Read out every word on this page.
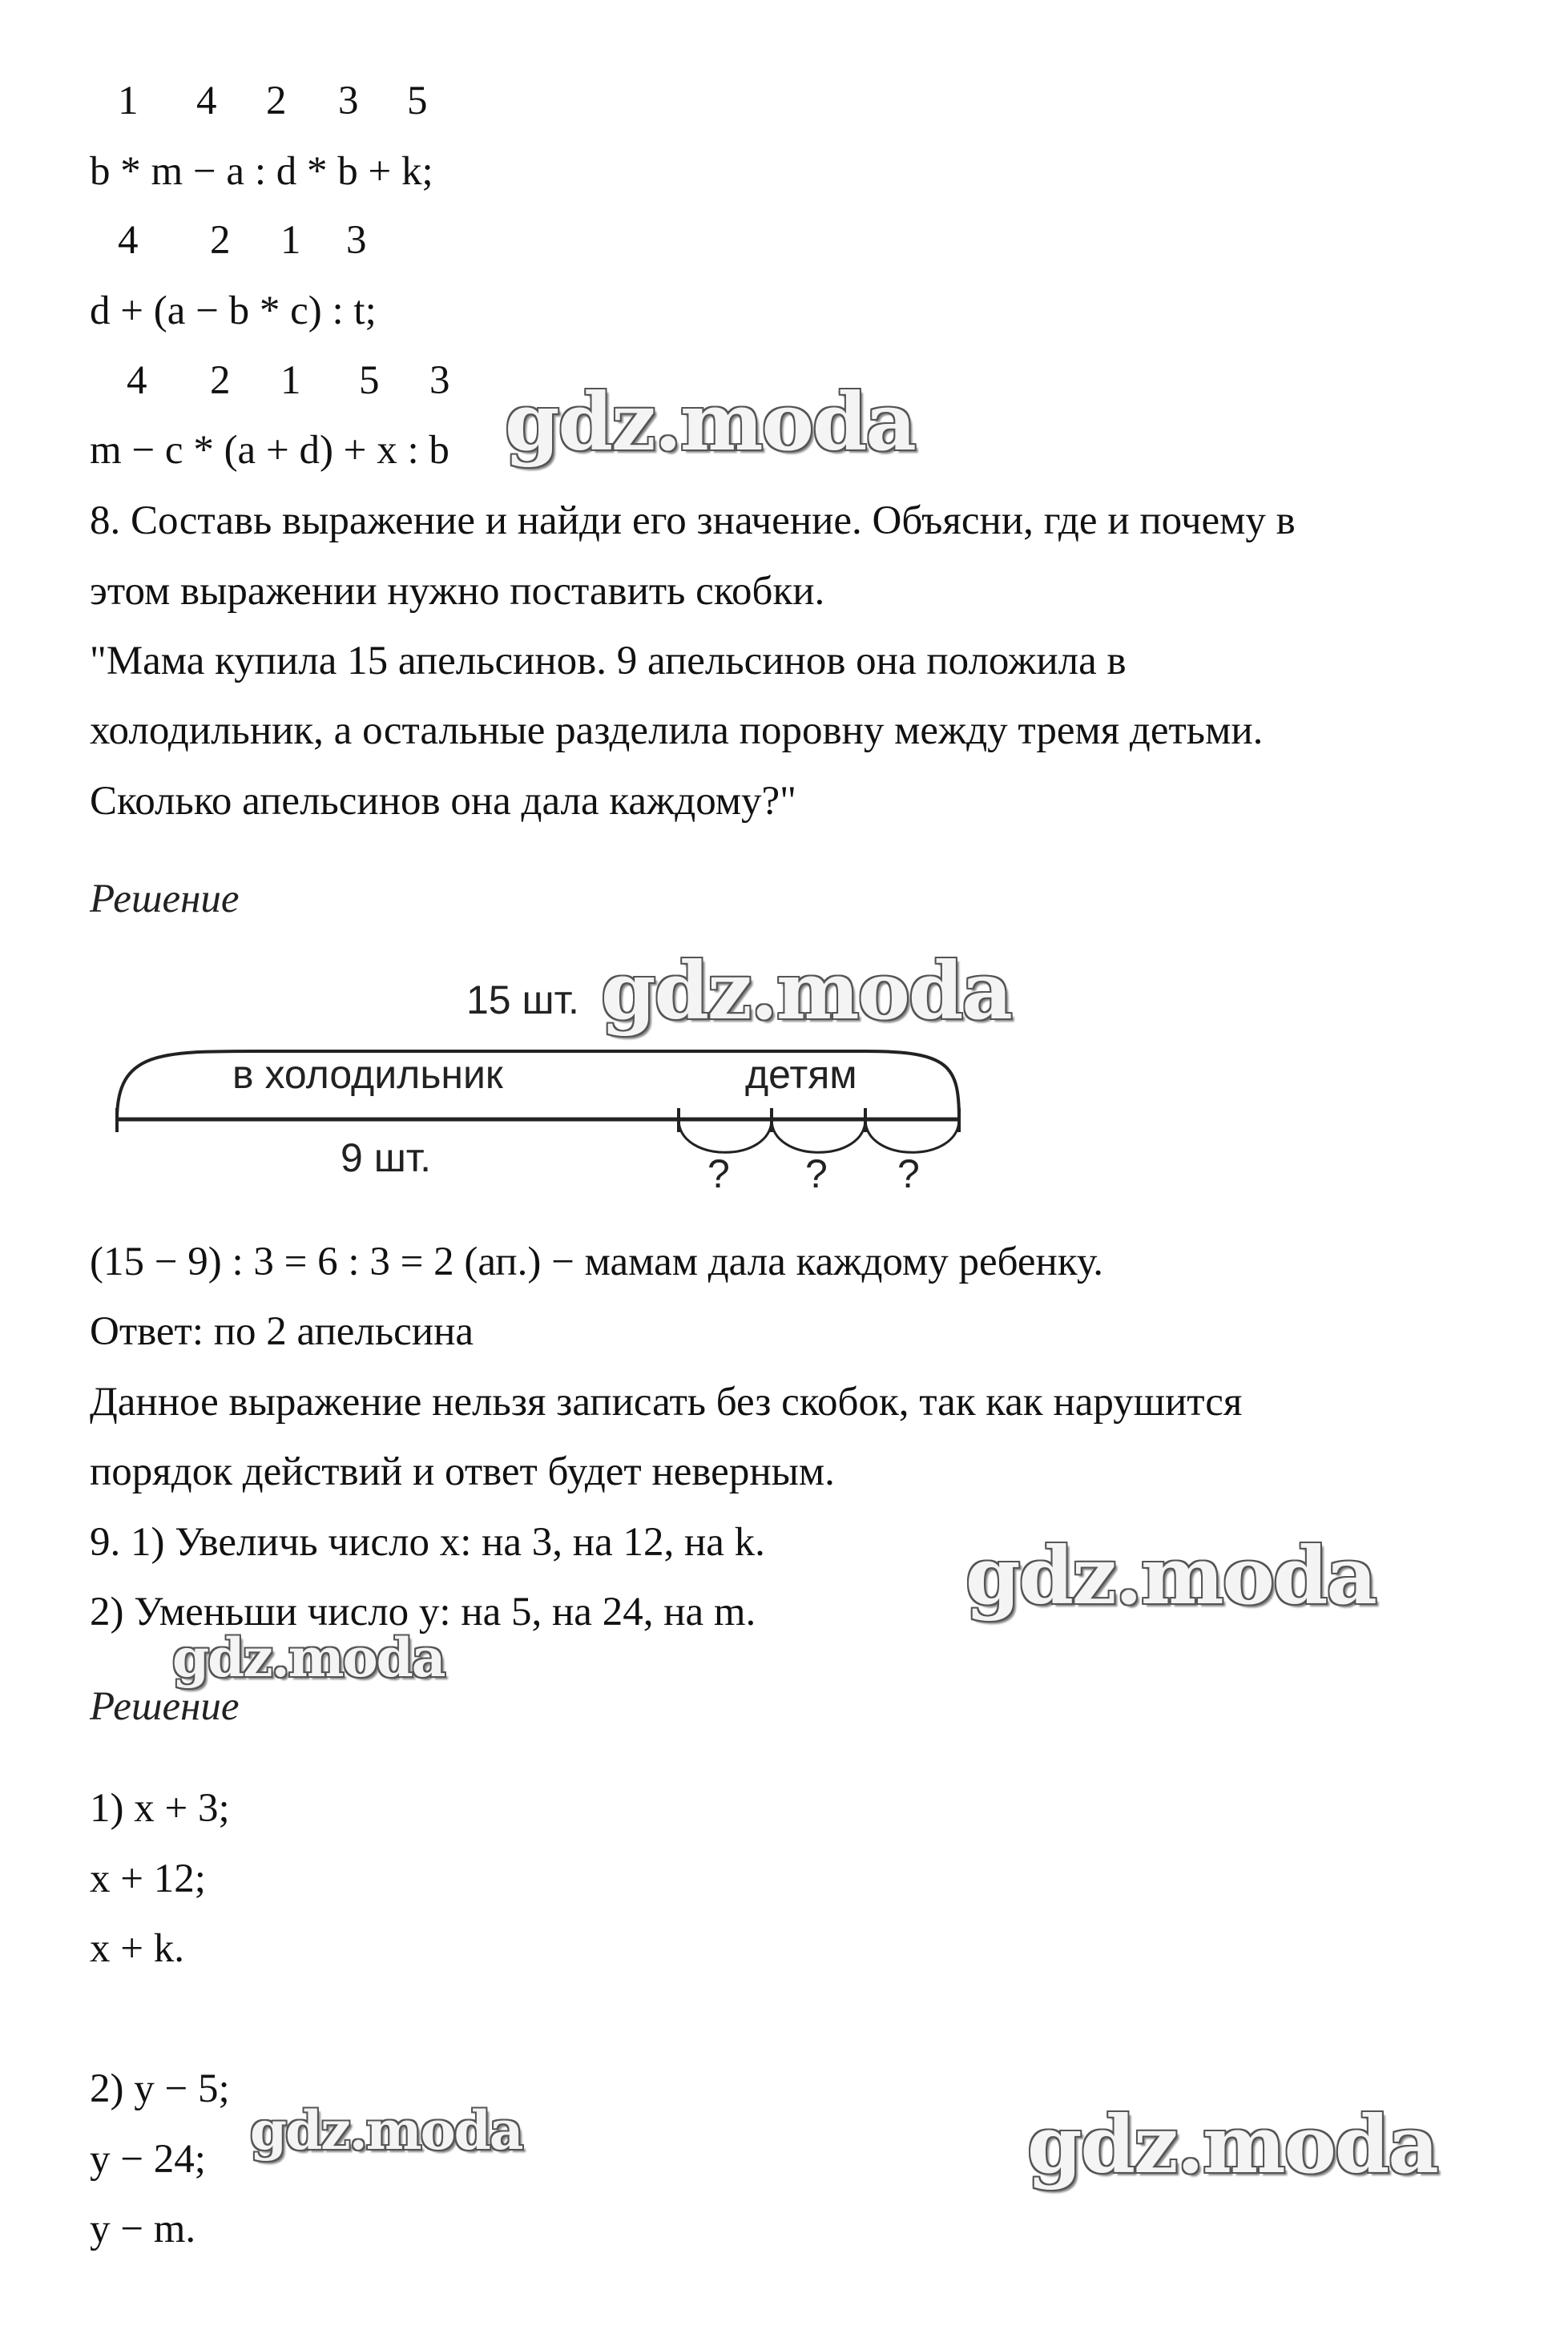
1 4 2 3 5
b * m − a : d * b + k;
4 2 1 3
d + (a − b * c) : t;
4 2 1 5 3
m − c * (a + d) + x : b
8. Составь выражение и найди его значение. Объясни, где и почему в
этом выражении нужно поставить скобки.
"Мама купила 15 апельсинов. 9 апельсинов она положила в
холодильник, а остальные разделила поровну между тремя детьми.
Сколько апельсинов она дала каждому?"
Решение
15 шт.
в холодильник	детям
9 шт.	? ? ?
(15 − 9) : 3 = 6 : 3 = 2 (ап.) − мамам дала каждому ребенку.
Ответ: по 2 апельсина
Данное выражение нельзя записать без скобок, так как нарушится
порядок действий и ответ будет неверным.
9. 1) Увеличь число x: на 3, на 12, на k.
2) Уменьши число y: на 5, на 24, на m.
Решение
1) x + 3;
x + 12;
x + k.
2) y − 5;
y − 24;
y − m.
gdz.moda
gdz.moda
gdz.moda
gdz.moda
gdz.moda	gdz.moda
